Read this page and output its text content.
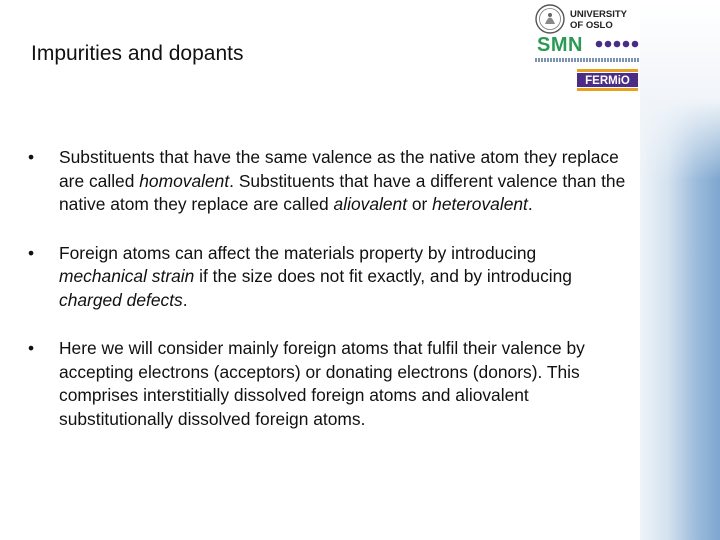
UNIVERSITY
OF OSLO
SMN
FERMiO
Impurities and dopants
• Substituents that have the same valence as the native atom they replace are called homovalent. Substituents that have a different valence than the native atom they replace are called aliovalent or heterovalent.
• Foreign atoms can affect the materials property by introducing mechanical strain if the size does not fit exactly, and by introducing charged defects.
• Here we will consider mainly foreign atoms that fulfil their valence by accepting electrons (acceptors) or donating electrons (donors). This comprises interstitially dissolved foreign atoms and aliovalent substitutionally dissolved foreign atoms.
